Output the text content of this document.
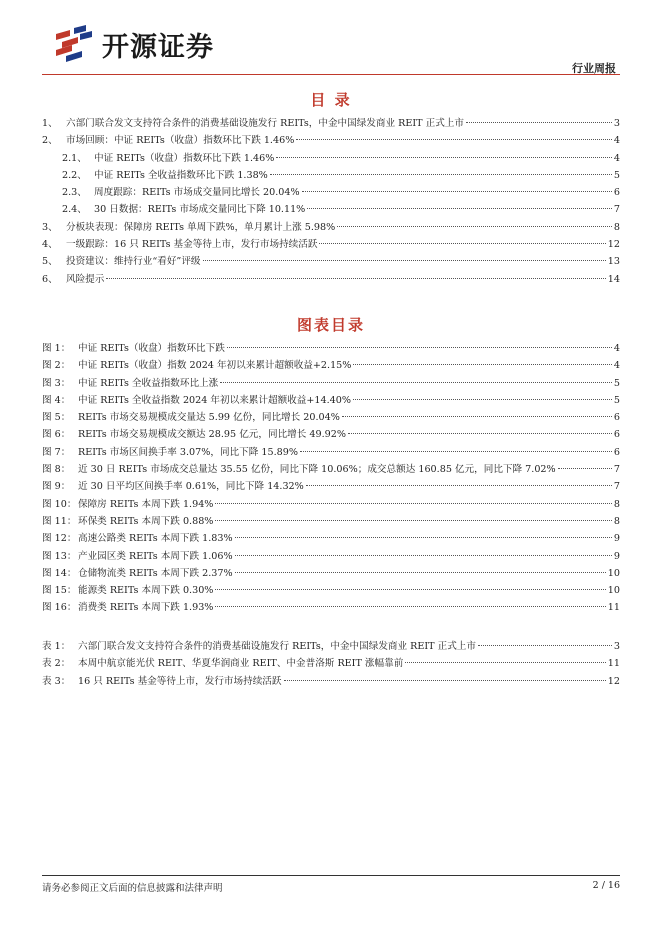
开源证券
行业周报
目 录
1、 六部门联合发文支持符合条件的消费基础设施发行 REITs，中金中国绿发商业 REIT 正式上市	3
2、 市场回顾：中证 REITs（收盘）指数环比下跌 1.46%	4
2.1、 中证 REITs（收盘）指数环比下跌 1.46%	4
2.2、 中证 REITs 全收益指数环比下跌 1.38%	5
2.3、 周度跟踪：REITs 市场成交量同比增长 20.04%	6
2.4、 30 日数据：REITs 市场成交量同比下降 10.11%	7
3、 分板块表现：保障房 REITs 单周下跌%，单月累计上涨 5.98%	8
4、 一级跟踪：16 只 REITs 基金等待上市，发行市场持续活跃	12
5、 投资建议：维持行业“看好”评级	13
6、 风险提示	14
图表目录
图 1： 中证 REITs（收盘）指数环比下跌	4
图 2： 中证 REITs（收盘）指数 2024 年初以来累计超额收益+2.15%	4
图 3： 中证 REITs 全收益指数环比上涨	5
图 4： 中证 REITs 全收益指数 2024 年初以来累计超额收益+14.40%	5
图 5： REITs 市场交易规模成交量达 5.99 亿份，同比增长 20.04%	6
图 6： REITs 市场交易规模成交额达 28.95 亿元，同比增长 49.92%	6
图 7： REITs 市场区间换手率 3.07%，同比下降 15.89%	6
图 8： 近 30 日 REITs 市场成交总量达 35.55 亿份，同比下降 10.06%；成交总额达 160.85 亿元，同比下降 7.02%	7
图 9： 近 30 日平均区间换手率 0.61%，同比下降 14.32%	7
图 10： 保障房 REITs 本周下跌 1.94%	8
图 11： 环保类 REITs 本周下跌 0.88%	8
图 12： 高速公路类 REITs 本周下跌 1.83%	9
图 13： 产业园区类 REITs 本周下跌 1.06%	9
图 14： 仓储物流类 REITs 本周下跌 2.37%	10
图 15： 能源类 REITs 本周下跌 0.30%	10
图 16： 消费类 REITs 本周下跌 1.93%	11
表 1： 六部门联合发文支持符合条件的消费基础设施发行 REITs，中金中国绿发商业 REIT 正式上市	3
表 2： 本周中航京能光伏 REIT、华夏华润商业 REIT、中金普洛斯 REIT 涨幅靠前	11
表 3： 16 只 REITs 基金等待上市，发行市场持续活跃	12
请务必参阅正文后面的信息披露和法律声明	2 / 16
